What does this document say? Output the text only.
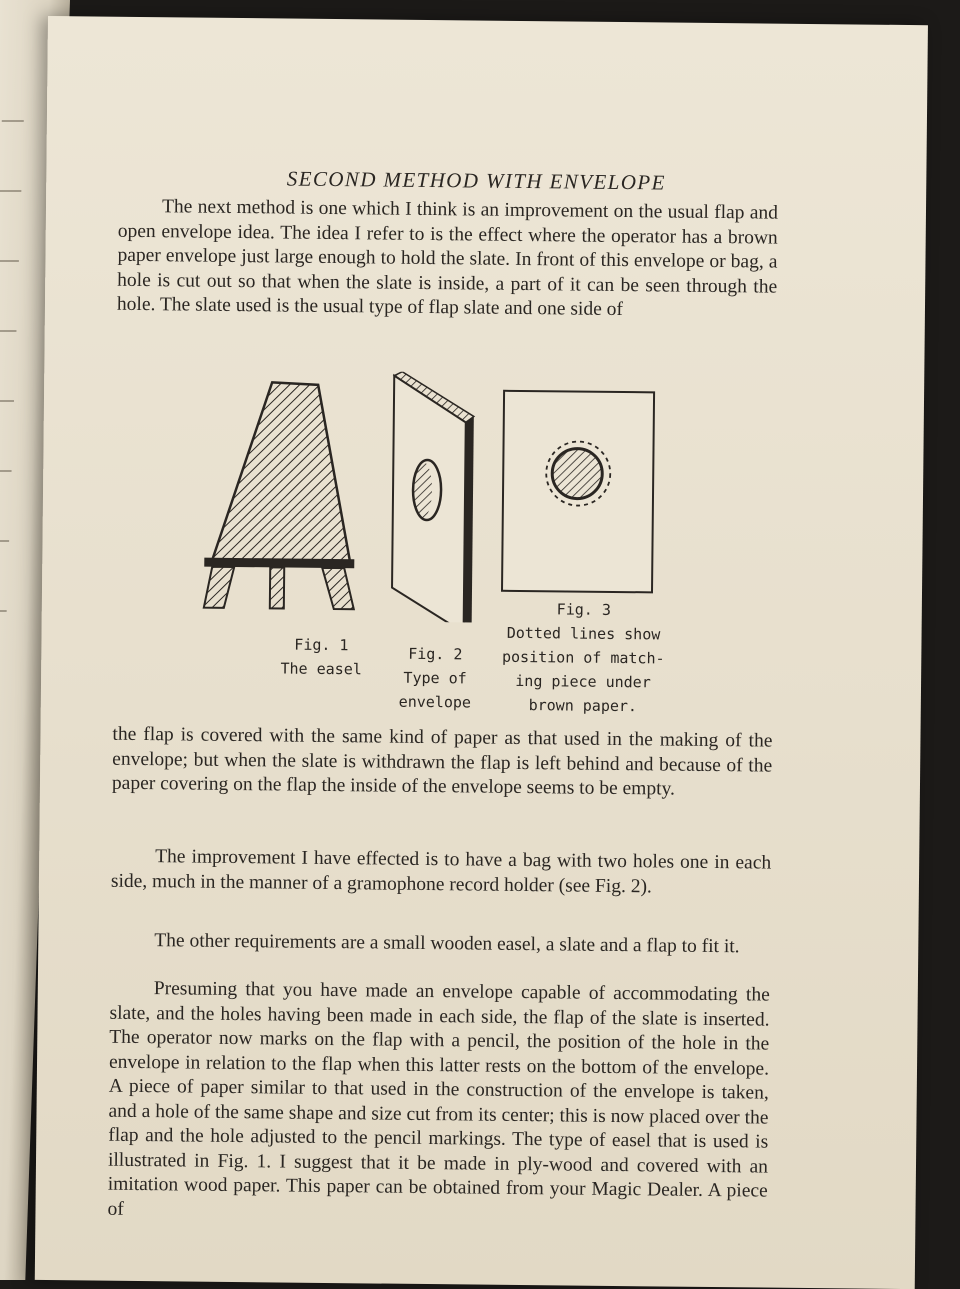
SECOND METHOD WITH ENVELOPE

The next method is one which I think is an improvement on the usual flap and open envelope idea. The idea I refer to is the effect where the operator has a brown paper envelope just large enough to hold the slate. In front of this envelope or bag, a hole is cut out so that when the slate is inside, a part of it can be seen through the hole. The slate used is the usual type of flap slate and one side of

Fig. 1
The easel
Fig. 2
Type of
envelope
Fig. 3
Dotted lines show
position of match-
ing piece under
brown paper.

the flap is covered with the same kind of paper as that used in the making of the envelope; but when the slate is withdrawn the flap is left behind and because of the paper covering on the flap the inside of the envelope seems to be empty.

The improvement I have effected is to have a bag with two holes one in each side, much in the manner of a gramophone record holder (see Fig. 2).

The other requirements are a small wooden easel, a slate and a flap to fit it.

Presuming that you have made an envelope capable of accommodating the slate, and the holes having been made in each side, the flap of the slate is inserted. The operator now marks on the flap with a pencil, the position of the hole in the envelope in relation to the flap when this latter rests on the bottom of the envelope. A piece of paper similar to that used in the construction of the envelope is taken, and a hole of the same shape and size cut from its center; this is now placed over the flap and the hole adjusted to the pencil markings. The type of easel that is used is illustrated in Fig. 1. I suggest that it be made in ply-wood and covered with an imitation wood paper. This paper can be obtained from your Magic Dealer. A piece of
